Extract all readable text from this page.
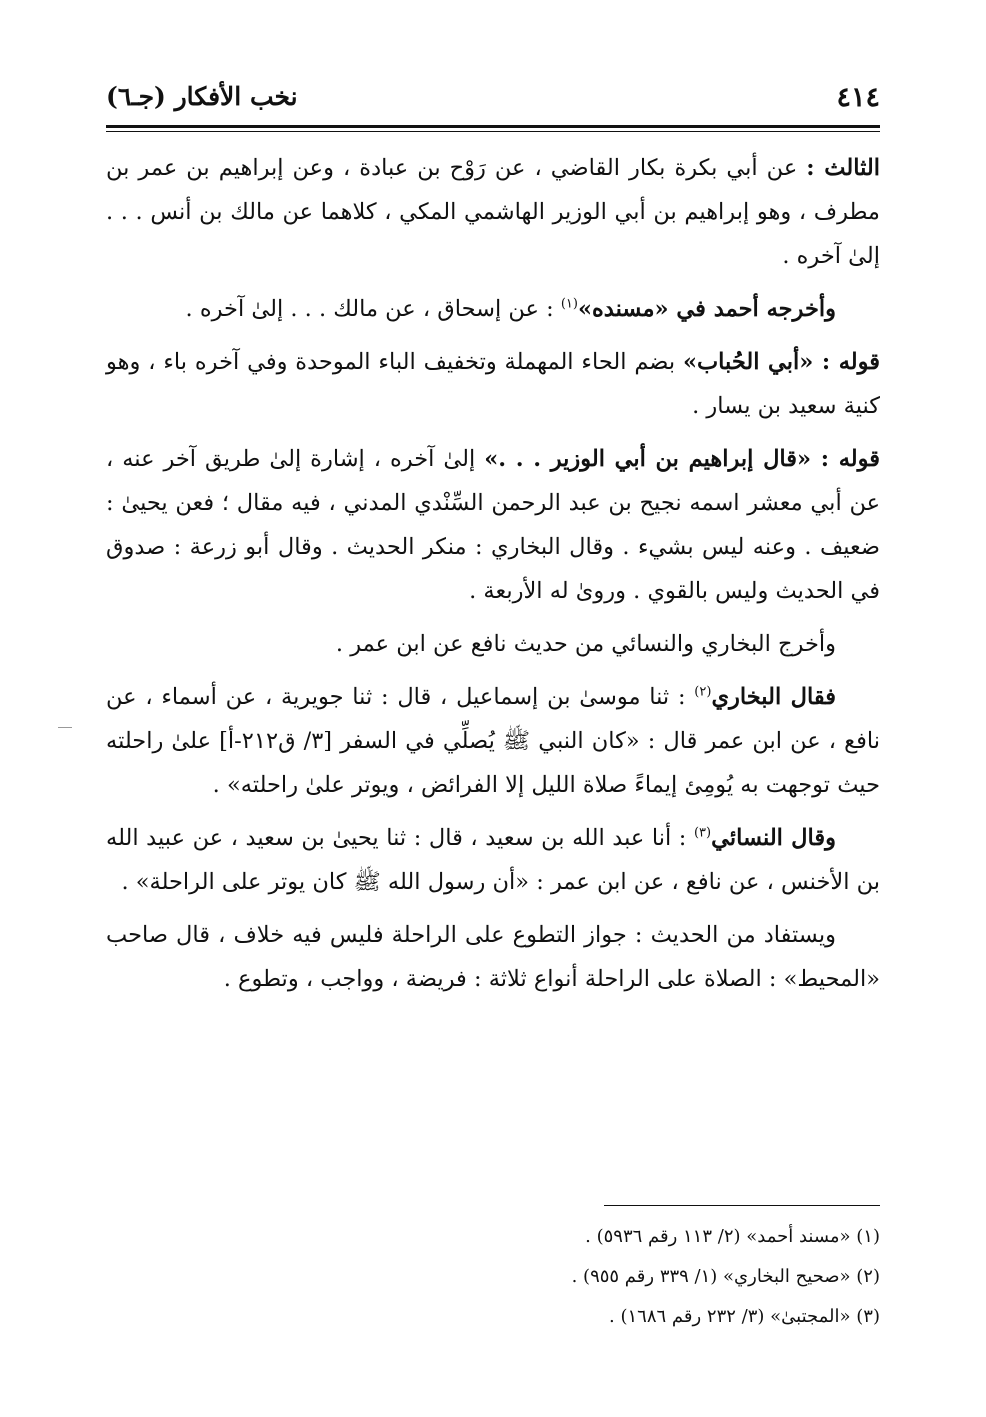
نخب الأفكار (جـ٦)	٤١٤

الثالث : عن أبي بكرة بكار القاضي ، عن رَوْح بن عبادة ، وعن إبراهيم بن عمر بن مطرف ، وهو إبراهيم بن أبي الوزير الهاشمي المكي ، كلاهما عن مالك بن أنس . . . إلىٰ آخره .

وأخرجه أحمد في «مسنده»$^{(١)}$ : عن إسحاق ، عن مالك . . . إلىٰ آخره .

قوله : «أبي الحُباب» بضم الحاء المهملة وتخفيف الباء الموحدة وفي آخره باء ، وهو كنية سعيد بن يسار .

قوله : «قال إبراهيم بن أبي الوزير . . .» إلىٰ آخره ، إشارة إلىٰ طريق آخر عنه ، عن أبي معشر اسمه نجيح بن عبد الرحمن السِّنْدي المدني ، فيه مقال ؛ فعن يحيىٰ : ضعيف . وعنه ليس بشيء . وقال البخاري : منكر الحديث . وقال أبو زرعة : صدوق في الحديث وليس بالقوي . وروىٰ له الأربعة .

وأخرج البخاري والنسائي من حديث نافع عن ابن عمر .

فقال البخاري$^{(٢)}$ : ثنا موسىٰ بن إسماعيل ، قال : ثنا جويرية ، عن أسماء ، عن نافع ، عن ابن عمر قال : «كان النبي ﷺ يُصلِّي في السفر [٣/ ق٢١٢-أ] علىٰ راحلته حيث توجهت به يُومِئ إيماءً صلاة الليل إلا الفرائض ، ويوتر علىٰ راحلته» .

وقال النسائي$^{(٣)}$ : أنا عبد الله بن سعيد ، قال : ثنا يحيىٰ بن سعيد ، عن عبيد الله بن الأخنس ، عن نافع ، عن ابن عمر : «أن رسول الله ﷺ كان يوتر على الراحلة» .

ويستفاد من الحديث : جواز التطوع على الراحلة فليس فيه خلاف ، قال صاحب «المحيط» : الصلاة على الراحلة أنواع ثلاثة : فريضة ، وواجب ، وتطوع .

(١) «مسند أحمد» (٢/ ١١٣ رقم ٥٩٣٦) .

(٢) «صحيح البخاري» (١/ ٣٣٩ رقم ٩٥٥) .

(٣) «المجتبىٰ» (٣/ ٢٣٢ رقم ١٦٨٦) .
